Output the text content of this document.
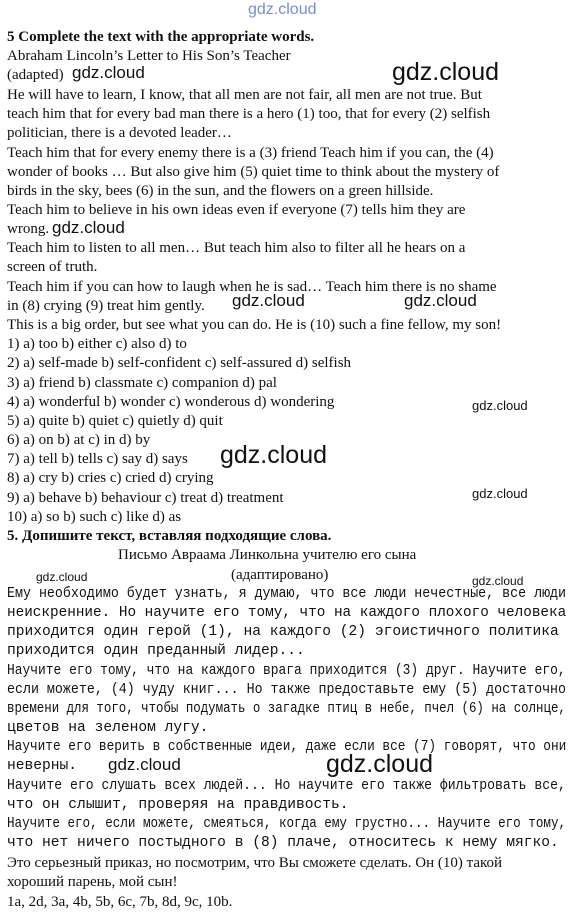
gdz.cloud
gdz.cloud	gdz.cloud
gdz.cloud
gdz.cloud	gdz.cloud
gdz.cloud
gdz.cloud
gdz.cloud
gdz.cloud	gdz.cloud
gdz.cloud	gdz.cloud
5 Complete the text with the appropriate words.
Abraham Lincoln’s Letter to His Son’s Teacher
(adapted)
He will have to learn, I know, that all men are not fair, all men are not true. But
teach him that for every bad man there is a hero (1) too, that for every (2) selfish
politician, there is a devoted leader…
Teach him that for every enemy there is a (3) friend Teach him if you can, the (4)
wonder of books … But also give him (5) quiet time to think about the mystery of
birds in the sky, bees (6) in the sun, and the flowers on a green hillside.
Teach him to believe in his own ideas even if everyone (7) tells him they are
wrong.
Teach him to listen to all men… But teach him also to filter all he hears on a
screen of truth.
Teach him if you can how to laugh when he is sad… Teach him there is no shame
in (8) crying (9) treat him gently.
This is a big order, but see what you can do. He is (10) such a fine fellow, my son!
1) a) too b) either c) also d) to
2) a) self-made b) self-confident c) self-assured d) selfish
3) a) friend b) classmate c) companion d) pal
4) a) wonderful b) wonder c) wonderous d) wondering
5) a) quite b) quiet c) quietly d) quit
6) a) on b) at c) in d) by
7) a) tell b) tells c) say d) says
8) a) cry b) cries c) cried d) crying
9) a) behave b) behaviour c) treat d) treatment
10) a) so b) such c) like d) as
5. Допишите текст, вставляя подходящие слова.
Письмо Авраама Линкольна учителю его сына
(адаптировано)
Ему необходимо будет узнать, я думаю, что все люди нечестные, все люди
неискренние. Но научите его тому, что на каждого плохого человека
приходится один герой (1), на каждого (2) эгоистичного политика
приходится один преданный лидер...
Научите его тому, что на каждого врага приходится (3) друг. Научите его,
если можете, (4) чуду книг... Но также предоставьте ему (5) достаточно
времени для того, чтобы подумать о загадке птиц в небе, пчел (6) на солнце,
цветов на зеленом лугу.
Научите его верить в собственные идеи, даже если все (7) говорят, что они
неверны.
Научите его слушать всех людей... Но научите его также фильтровать все,
что он слышит, проверяя на правдивость.
Научите его, если можете, смеяться, когда ему грустно... Научите его тому,
что нет ничего постыдного в (8) плаче, относитесь к нему мягко.
Это серьезный приказ, но посмотрим, что Вы сможете сделать. Он (10) такой
хороший парень, мой сын!
1a, 2d, 3a, 4b, 5b, 6c, 7b, 8d, 9c, 10b.
